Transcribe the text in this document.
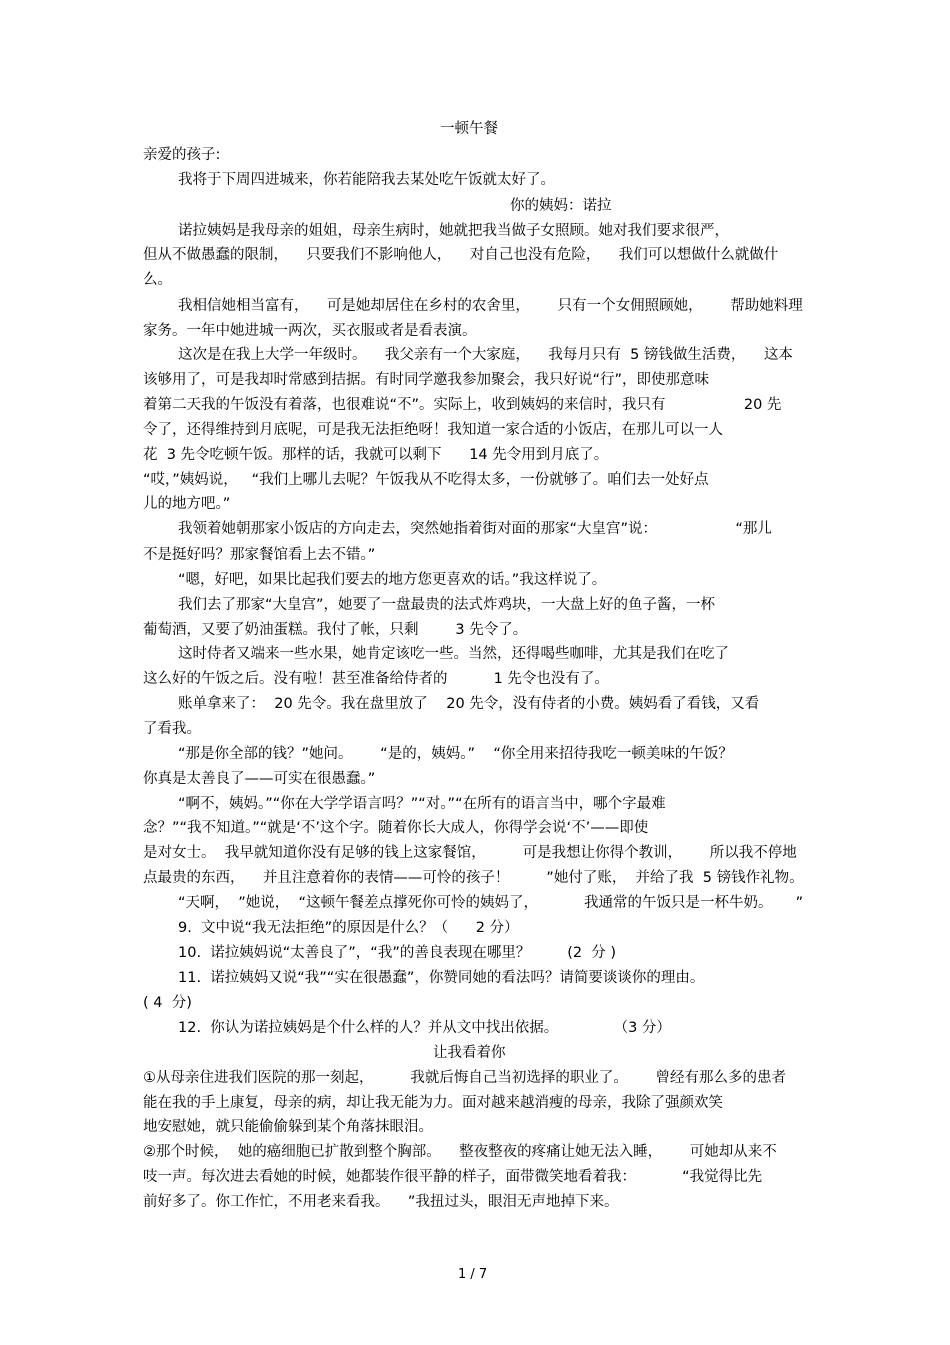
一顿午餐
亲爱的孩子:
我将于下周四进城来，你若能陪我去某处吃午饭就太好了。
你的姨妈：诺拉
诺拉姨妈是我母亲的姐姐，母亲生病时，她就把我当做子女照顾。她对我们要求很严，
但从不做愚蠢的限制，    只要我们不影响他人，    对自己也没有危险，    我们可以想做什么就做什
么。
我相信她相当富有，    可是她却居住在乡村的农舍里，      只有一个女佣照顾她，      帮助她料理
家务。一年中她进城一两次，买衣服或者是看表演。
这次是在我上大学一年级时。    我父亲有一个大家庭，    我每月只有  5 镑钱做生活费，    这本
该够用了，可是我却时常感到拮据。有时同学邀我参加聚会，我只好说“行”，即使那意味
着第二天我的午饭没有着落，也很难说“不”。实际上，收到姨妈的来信时，我只有                 20 先
令了，还得维持到月底呢，可是我无法拒绝呀！我知道一家合适的小饭店，在那儿可以一人
花  3 先令吃顿午饭。那样的话，我就可以剩下      14 先令用到月底了。
“哎，”姨妈说，   “我们上哪儿去呢？午饭我从不吃得太多，一份就够了。咱们去一处好点
儿的地方吧。”
我领着她朝那家小饭店的方向走去，突然她指着街对面的那家“大皇宫”说：                 “那儿
不是挺好吗？那家餐馆看上去不错。”
“嗯，好吧，如果比起我们要去的地方您更喜欢的话。”我这样说了。
我们去了那家“大皇宫”，她要了一盘最贵的法式炸鸡块，一大盘上好的鱼子酱，一杯
葡萄酒，又要了奶油蛋糕。我付了帐，只剩        3 先令了。
这时侍者又端来一些水果，她肯定该吃一些。当然，还得喝些咖啡，尤其是我们在吃了
这么好的午饭之后。没有啦！甚至准备给侍者的          1 先令也没有了。
账单拿来了：  20 先令。我在盘里放了    20 先令，没有侍者的小费。姨妈看了看钱，又看
了看我。
“那是你全部的钱？”她问。      “是的，姨妈。”    “你全用来招待我吃一顿美味的午饭？
你真是太善良了——可实在很愚蠢。”
“啊不，姨妈。”“你在大学学语言吗？”“对。”“在所有的语言当中，哪个字最难
念？”“我不知道。”“就是‘不’这个字。随着你长大成人，你得学会说‘不’——即使
是对女士。  我早就知道你没有足够的钱上这家餐馆，        可是我想让你得个教训，      所以我不停地
点最贵的东西，    并且注意着你的表情——可怜的孩子！        ”她付了账，  并给了我  5 镑钱作礼物。
“天啊，  ”她说，  “这顿午餐差点撑死你可怜的姨妈了，          我通常的午饭只是一杯牛奶。     ”
9.  文中说“我无法拒绝”的原因是什么？（      2 分）
10.  诺拉姨妈说“太善良了”，“我”的善良表现在哪里？        (2  分 )
11.  诺拉姨妈又说“我”“实在很愚蠢”，你赞同她的看法吗？请简要谈谈你的理由。
( 4  分)
12.  你认为诺拉姨妈是个什么样的人？并从文中找出依据。            （3 分）
让我看着你
①从母亲住进我们医院的那一刻起，        我就后悔自己当初选择的职业了。      曾经有那么多的患者
能在我的手上康复，母亲的病，却让我无能为力。面对越来越消瘦的母亲，我除了强颜欢笑
地安慰她，就只能偷偷躲到某个角落抹眼泪。
②那个时候，  她的癌细胞已扩散到整个胸部。    整夜整夜的疼痛让她无法入睡，      可她却从来不
吱一声。每次进去看她的时候，她都装作很平静的样子，面带微笑地看着我：          “我觉得比先
前好多了。你工作忙，不用老来看我。    ”我扭过头，眼泪无声地掉下来。
1 / 7
